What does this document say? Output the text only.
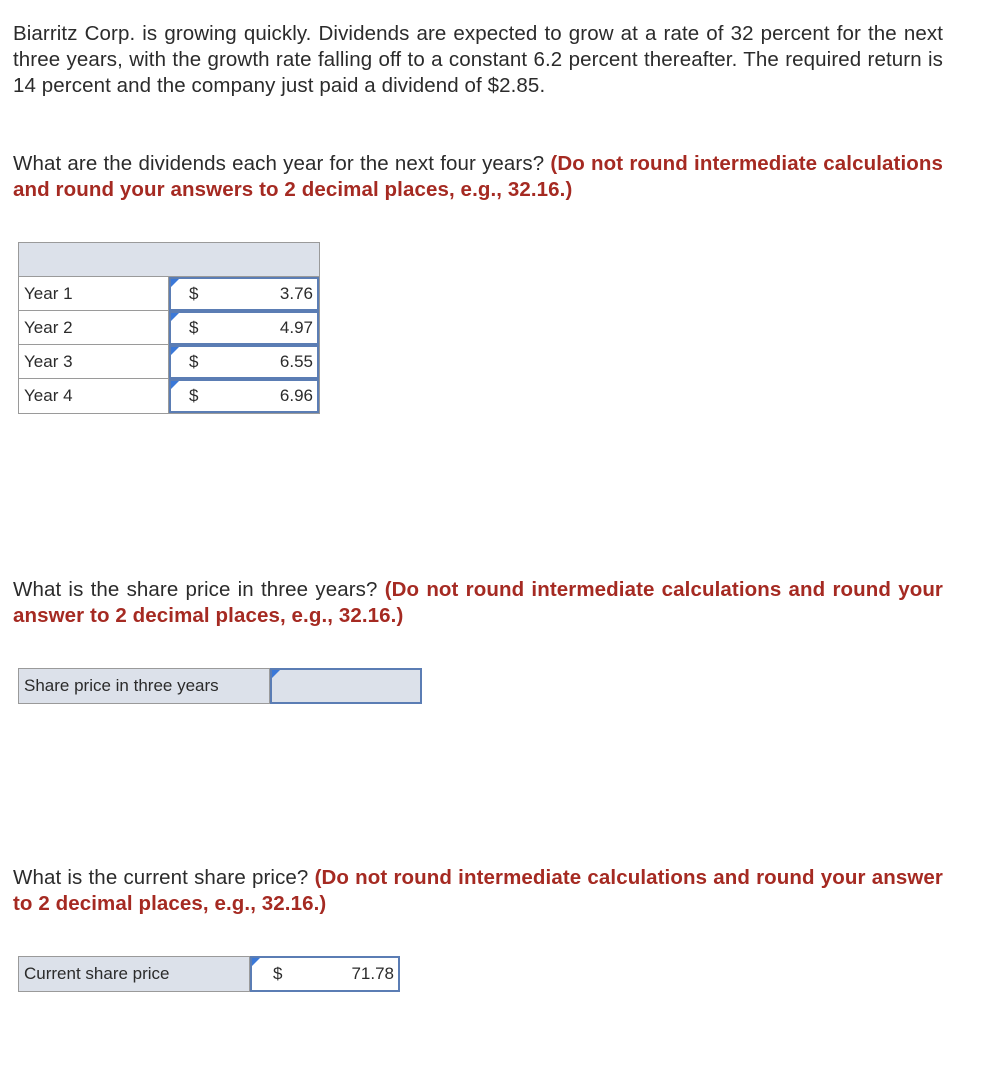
Biarritz Corp. is growing quickly. Dividends are expected to grow at a rate of 32 percent for the next three years, with the growth rate falling off to a constant 6.2 percent thereafter. The required return is 14 percent and the company just paid a dividend of $2.85.

What are the dividends each year for the next four years? (Do not round intermediate calculations and round your answers to 2 decimal places, e.g., 32.16.)

Year 1	$	3.76
Year 2	$	4.97
Year 3	$	6.55
Year 4	$	6.96

What is the share price in three years? (Do not round intermediate calculations and round your answer to 2 decimal places, e.g., 32.16.)

Share price in three years

What is the current share price? (Do not round intermediate calculations and round your answer to 2 decimal places, e.g., 32.16.)

Current share price	$	71.78
